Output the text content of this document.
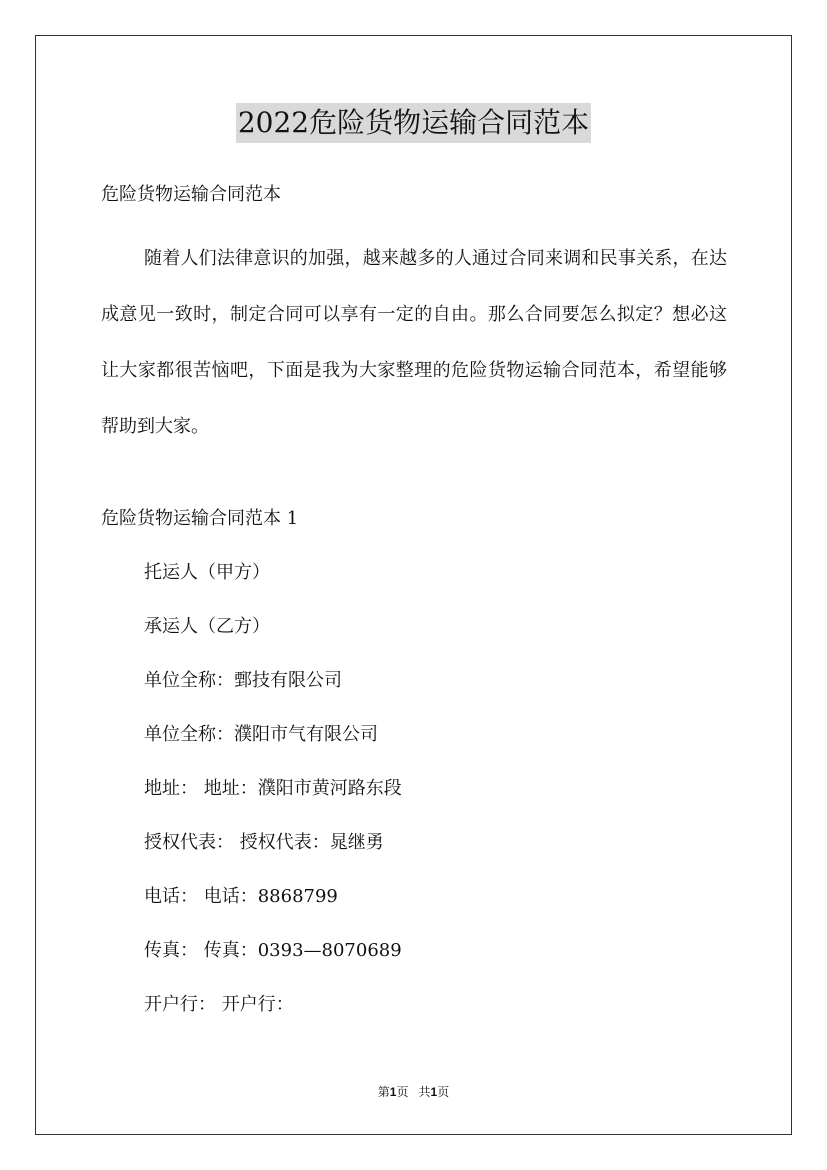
2022危险货物运输合同范本

危险货物运输合同范本

随着人们法律意识的加强，越来越多的人通过合同来调和民事关系，在达成意见一致时，制定合同可以享有一定的自由。那么合同要怎么拟定？想必这让大家都很苦恼吧，下面是我为大家整理的危险货物运输合同范本，希望能够帮助到大家。

危险货物运输合同范本 1

托运人（甲方）

承运人（乙方）

单位全称：鄄技有限公司

单位全称：濮阳市气有限公司

地址： 地址：濮阳市黄河路东段

授权代表： 授权代表：晁继勇

电话： 电话：8868799

传真： 传真：0393—8070689

开户行： 开户行：

第1页 共1页
